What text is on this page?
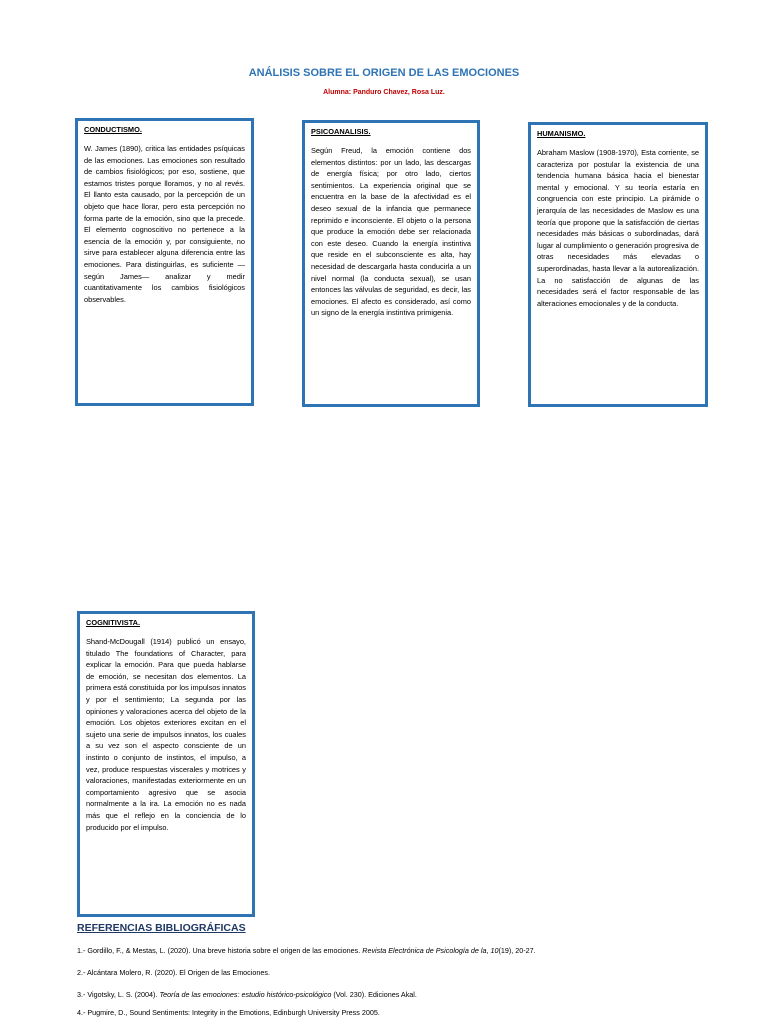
ANÁLISIS SOBRE EL ORIGEN DE LAS EMOCIONES
Alumna: Panduro Chavez, Rosa Luz.
CONDUCTISMO.

W. James (1890), critica las entidades psíquicas de las emociones. Las emociones son resultado de cambios fisiológicos; por eso, sostiene, que estamos tristes porque lloramos, y no al revés. El llanto esta causado, por la percepción de un objeto que hace llorar, pero esta percepción no forma parte de la emoción, sino que la precede. El elemento cognoscitivo no pertenece a la esencia de la emoción y, por consiguiente, no sirve para establecer alguna diferencia entre las emociones. Para distinguirlas, es suficiente —según James— analizar y medir cuantitativamente los cambios fisiológicos observables.

PSICOANALISIS.

Según Freud, la emoción contiene dos elementos distintos: por un lado, las descargas de energía física; por otro lado, ciertos sentimientos. La experiencia original que se encuentra en la base de la afectividad es el deseo sexual de la infancia que permanece reprimido e inconsciente. El objeto o la persona que produce la emoción debe ser relacionada con este deseo. Cuando la energía instintiva que reside en el subconsciente es alta, hay necesidad de descargarla hasta conducirla a un nivel normal (la conducta sexual), se usan entonces las válvulas de seguridad, es decir, las emociones. El afecto es considerado, así como un signo de la energía instintiva primigenia.

HUMANISMO.

Abraham Maslow (1908-1970), Esta corriente, se caracteriza por postular la existencia de una tendencia humana básica hacia el bienestar mental y emocional. Y su teoría estaría en congruencia con este principio. La pirámide o jerarquía de las necesidades de Maslow es una teoría que propone que la satisfacción de ciertas necesidades más básicas o subordinadas, dará lugar al cumplimiento o generación progresiva de otras necesidades más elevadas o superordinadas, hasta llevar a la autorealización. La no satisfacción de algunas de las necesidades será el factor responsable de las alteraciones emocionales y de la conducta.

COGNITIVISTA.

Shand-McDougall (1914) publicó un ensayo, titulado The foundations of Character, para explicar la emoción. Para que pueda hablarse de emoción, se necesitan dos elementos. La primera está constituida por los impulsos innatos y por el sentimiento; La segunda por las opiniones y valoraciones acerca del objeto de la emoción. Los objetos exteriores excitan en el sujeto una serie de impulsos innatos, los cuales a su vez son el aspecto consciente de un instinto o conjunto de instintos, el impulso, a vez, produce respuestas viscerales y motrices y valoraciones, manifestadas exteriormente en un comportamiento agresivo que se asocia normalmente a la ira. La emoción no es nada más que el reflejo en la conciencia de lo producido por el impulso.

REFERENCIAS BIBLIOGRÁFICAS
1.- Gordillo, F., & Mestas, L. (2020). Una breve historia sobre el origen de las emociones. Revista Electrónica de Psicología de la, 10(19), 20-27.
2.- Alcántara Molero, R. (2020). El Origen de las Emociones.
3.- Vigotsky, L. S. (2004). Teoría de las emociones: estudio histórico-psicológico (Vol. 230). Ediciones Akal.
4.- Pugmire, D., Sound Sentiments: Integrity in the Emotions, Edinburgh University Press 2005.
